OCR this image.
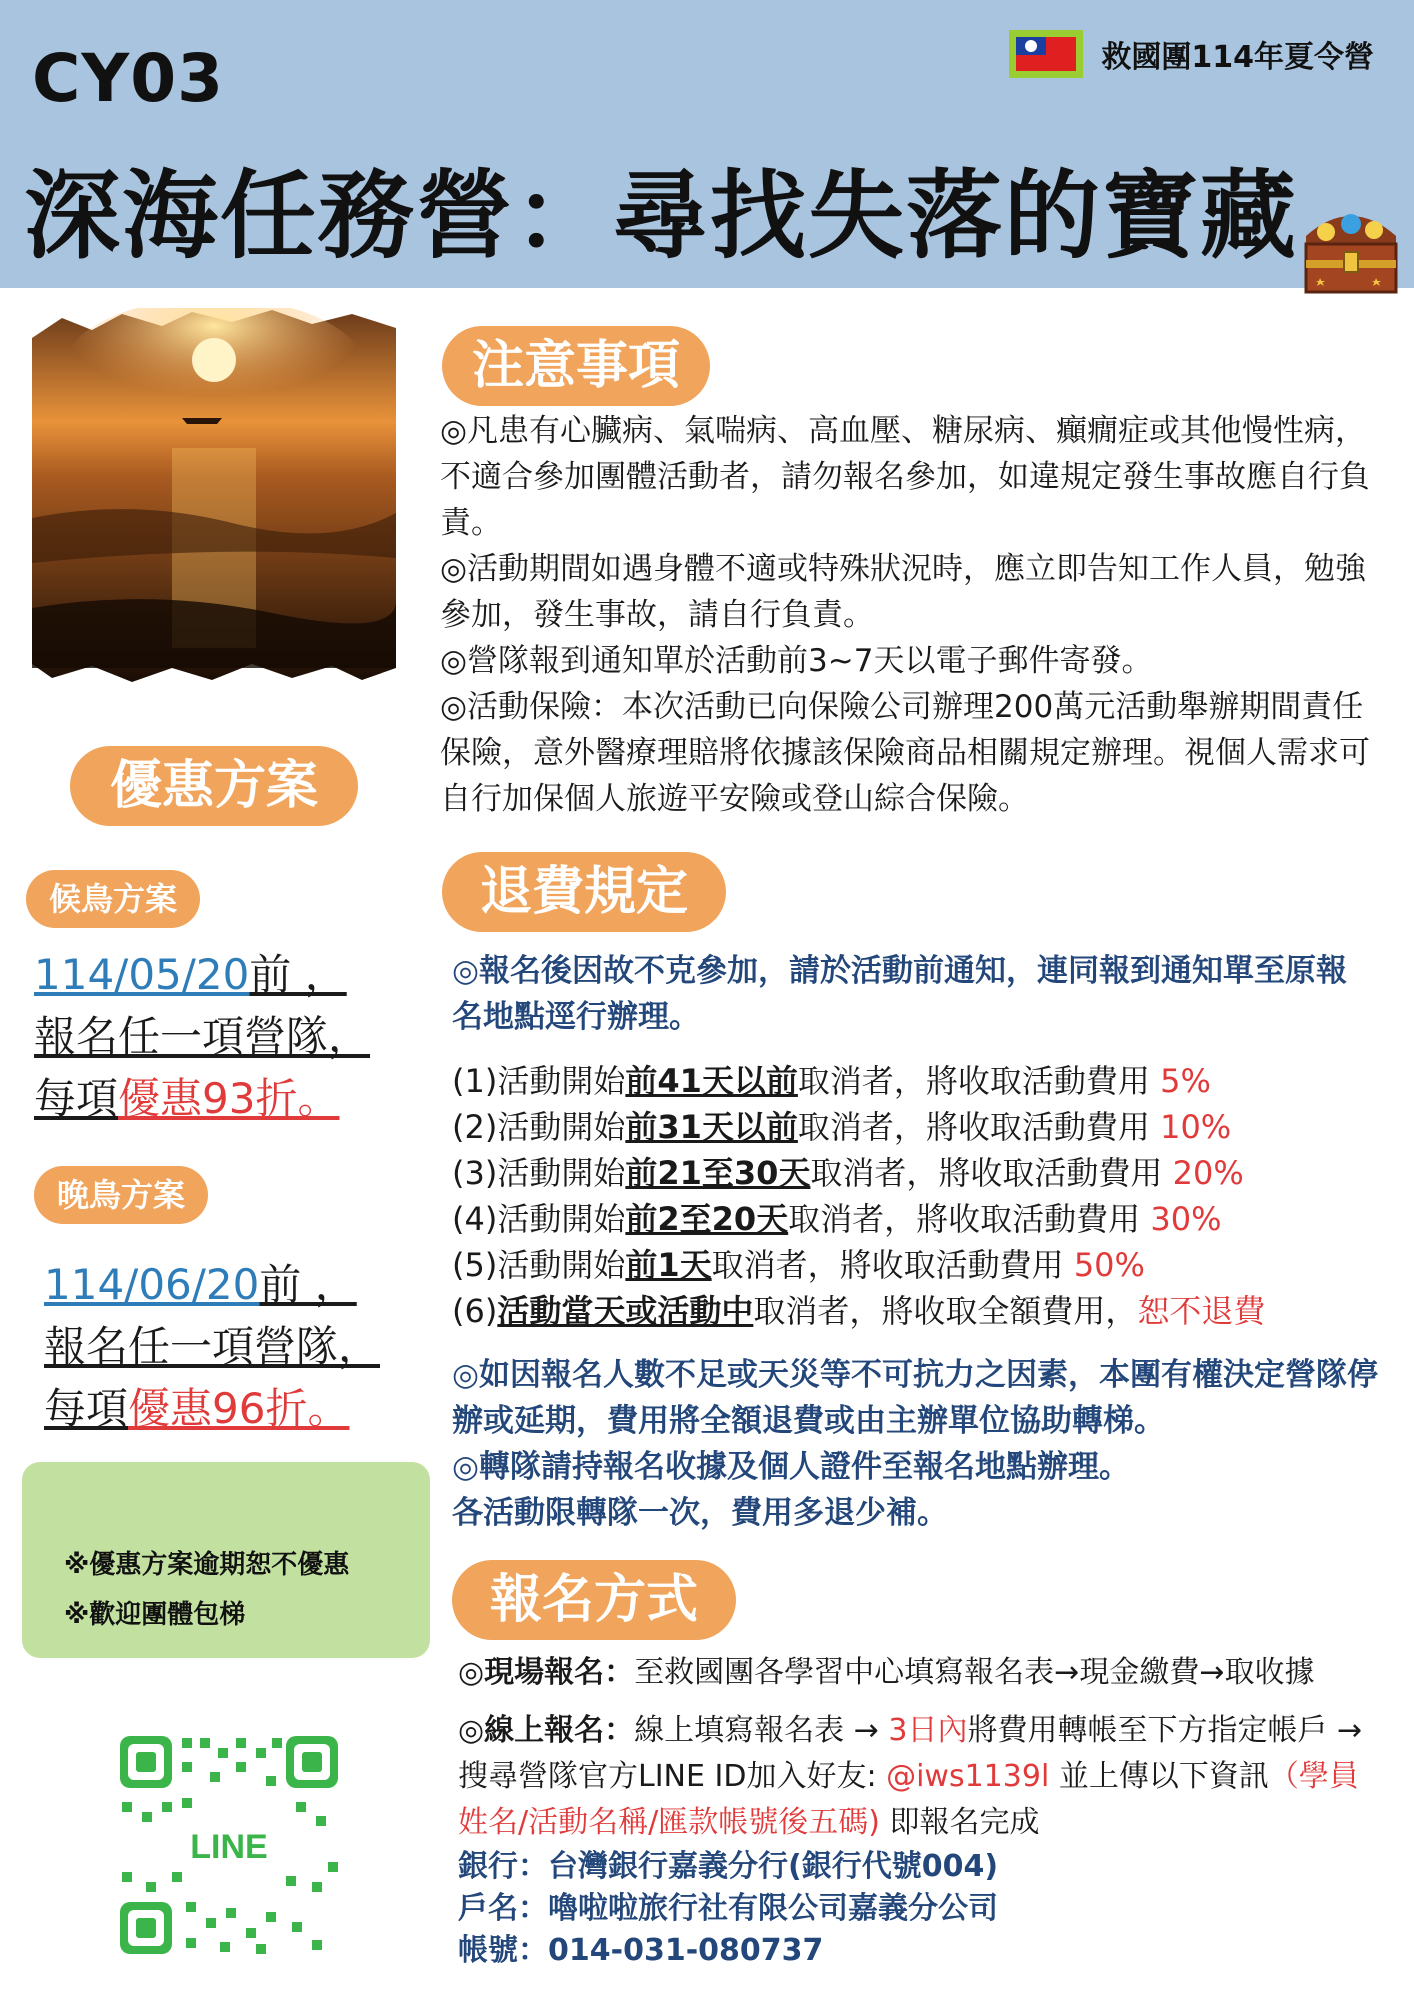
CY03	救國團114年夏令營
深海任務營：尋找失落的寶藏
優惠方案
候鳥方案
114/05/20前 ，
報名任一項營隊，
每項優惠93折。
晚鳥方案
114/06/20前 ，
報名任一項營隊，
每項優惠96折。
※優惠方案逾期恕不優惠
※歡迎團體包梯
LINE
注意事項

◎凡患有心臟病、氣喘病、高血壓、糖尿病、癲癇症或其他慢性病，不適合參加團體活動者，請勿報名參加，如違規定發生事故應自行負責。

◎活動期間如遇身體不適或特殊狀況時，應立即告知工作人員，勉強參加，發生事故，請自行負責。

◎營隊報到通知單於活動前3~7天以電子郵件寄發。

◎活動保險：本次活動已向保險公司辦理200萬元活動舉辦期間責任保險，意外醫療理賠將依據該保險商品相關規定辦理。視個人需求可自行加保個人旅遊平安險或登山綜合保險。

退費規定
◎報名後因故不克參加，請於活動前通知，連同報到通知單至原報名地點逕行辦理。
(1)活動開始前41天以前取消者，將收取活動費用 5%
(2)活動開始前31天以前取消者，將收取活動費用 10%
(3)活動開始前21至30天取消者，將收取活動費用 20%
(4)活動開始前2至20天取消者，將收取活動費用 30%
(5)活動開始前1天取消者，將收取活動費用 50%
(6)活動當天或活動中取消者，將收取全額費用，恕不退費
◎如因報名人數不足或天災等不可抗力之因素，本團有權決定營隊停辦或延期，費用將全額退費或由主辦單位協助轉梯。
◎轉隊請持報名收據及個人證件至報名地點辦理。
各活動限轉隊一次，費用多退少補。
報名方式
◎現場報名：至救國團各學習中心填寫報名表→現金繳費→取收據
◎線上報名：線上填寫報名表 → 3日內將費用轉帳至下方指定帳戶 → 搜尋營隊官方LINE ID加入好友: @iws1139l 並上傳以下資訊（學員姓名/活動名稱/匯款帳號後五碼) 即報名完成
銀行：台灣銀行嘉義分行(銀行代號004)
戶名：嚕啦啦旅行社有限公司嘉義分公司
帳號：014-031-080737
